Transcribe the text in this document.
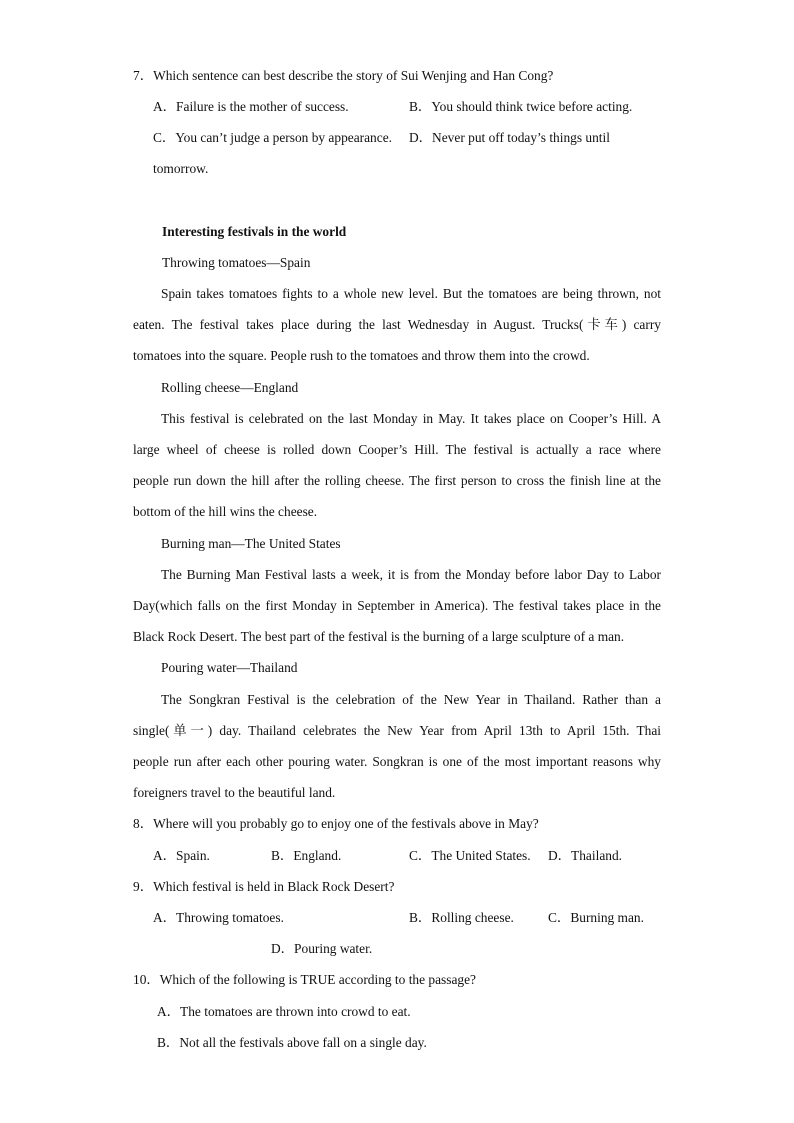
7．Which sentence can best describe the story of Sui Wenjing and Han Cong?
A．Failure is the mother of success.	B．You should think twice before acting.
C．You can’t judge a person by appearance. D．Never put off today’s things until
tomorrow.
Interesting festivals in the world
Throwing tomatoes—Spain
Spain takes tomatoes fights to a whole new level. But the tomatoes are being thrown, not
eaten. The festival takes place during the last Wednesday in August. Trucks(卡车) carry
tomatoes into the square. People rush to the tomatoes and throw them into the crowd.
Rolling cheese—England
This festival is celebrated on the last Monday in May. It takes place on Cooper’s Hill. A
large wheel of cheese is rolled down Cooper’s Hill. The festival is actually a race where
people run down the hill after the rolling cheese. The first person to cross the finish line at the
bottom of the hill wins the cheese.
Burning man—The United States
The Burning Man Festival lasts a week, it is from the Monday before labor Day to Labor
Day(which falls on the first Monday in September in America). The festival takes place in the
Black Rock Desert. The best part of the festival is the burning of a large sculpture of a man.
Pouring water—Thailand
The Songkran Festival is the celebration of the New Year in Thailand. Rather than a
single(单一) day. Thailand celebrates the New Year from April 13th to April 15th. Thai
people run after each other pouring water. Songkran is one of the most important reasons why
foreigners travel to the beautiful land.
8．Where will you probably go to enjoy one of the festivals above in May?
A．Spain.	B．England.	C．The United States. D．Thailand.
9．Which festival is held in Black Rock Desert?
A．Throwing tomatoes.	B．Rolling cheese.	C．Burning man.
D．Pouring water.
10．Which of the following is TRUE according to the passage?
A．The tomatoes are thrown into crowd to eat.
B．Not all the festivals above fall on a single day.
